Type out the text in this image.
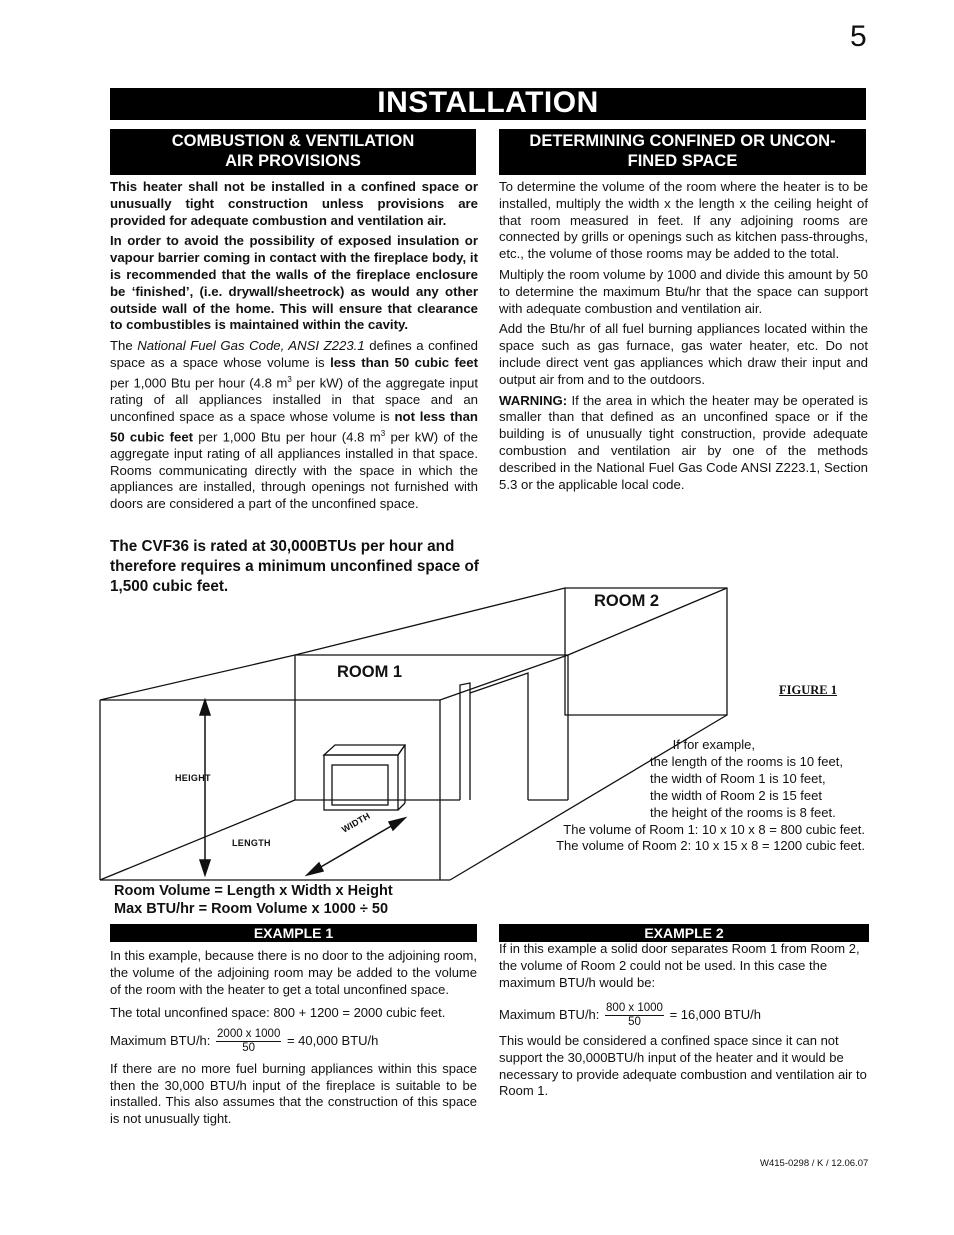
5
INSTALLATION
COMBUSTION & VENTILATION
AIR PROVISIONS

This heater shall not be installed in a confined space or unusually tight construction unless provisions are provided for adequate combustion and ventilation air.

In order to avoid the possibility of exposed insulation or vapour barrier coming in contact with the fireplace body, it is recommended that the walls of the fireplace enclosure be ‘finished’, (i.e. drywall/sheetrock) as would any other outside wall of the home. This will ensure that clearance to combustibles is maintained within the cavity.

The National Fuel Gas Code, ANSI Z223.1 defines a confined space as a space whose volume is less than 50 cubic feet per 1,000 Btu per hour (4.8 $m^3$ per kW) of the aggregate input rating of all appliances installed in that space and an unconfined space as a space whose volume is not less than 50 cubic feet per 1,000 Btu per hour (4.8 $m^3$ per kW) of the aggregate input rating of all appliances installed in that space. Rooms communicating directly with the space in which the appliances are installed, through openings not furnished with doors are considered a part of the unconfined space.

The CVF36 is rated at 30,000BTUs per hour and therefore requires a minimum unconfined space of 1,500 cubic feet.
DETERMINING CONFINED OR UNCON-
FINED SPACE

To determine the volume of the room where the heater is to be installed, multiply the width x the length x the ceiling height of that room measured in feet. If any adjoining rooms are connected by grills or openings such as kitchen pass-throughs, etc., the volume of those rooms may be added to the total.

Multiply the room volume by 1000 and divide this amount by 50 to determine the maximum Btu/hr that the space can support with adequate combustion and ventilation air.

Add the Btu/hr of all fuel burning appliances located within the space such as gas furnace, gas water heater, etc. Do not include direct vent gas appliances which draw their input and output air from and to the outdoors.

WARNING: If the area in which the heater may be operated is smaller than that defined as an unconfined space or if the building is of unusually tight construction, provide adequate combustion and ventilation air by one of the methods described in the National Fuel Gas Code ANSI Z223.1, Section 5.3 or the applicable local code.

ROOM 2
ROOM 1
FIGURE 1
HEIGHT
LENGTH
WIDTH
If for example,
the length of the rooms is 10 feet,
the width of Room 1 is 10 feet,
the width of Room 2 is 15 feet
the height of the rooms is 8 feet.
The volume of Room 1: 10 x 10 x 8 = 800 cubic feet.
The volume of Room 2: 10 x 15 x 8 = 1200 cubic feet.
Room Volume = Length x Width x Height
Max BTU/hr = Room Volume x 1000 ÷ 50
EXAMPLE 1

In this example, because there is no door to the adjoining room, the volume of the adjoining room may be added to the volume of the room with the heater to get a total unconfined space.

The total unconfined space: 800 + 1200 = 2000 cubic feet.

Maximum BTU/h: $\frac{2000 x 1000}{50} = 40,000$ BTU/h

If there are no more fuel burning appliances within this space then the 30,000 BTU/h input of the fireplace is suitable to be installed. This also assumes that the construction of this space is not unusually tight.

EXAMPLE 2

If in this example a solid door separates Room 1 from Room 2, the volume of Room 2 could not be used. In this case the maximum BTU/h would be:

Maximum BTU/h: $\frac{800 x 1000}{50} = 16,000$ BTU/h

This would be considered a confined space since it can not support the 30,000BTU/h input of the heater and it would be necessary to provide adequate combustion and ventilation air to Room 1.

W415-0298 / K / 12.06.07
